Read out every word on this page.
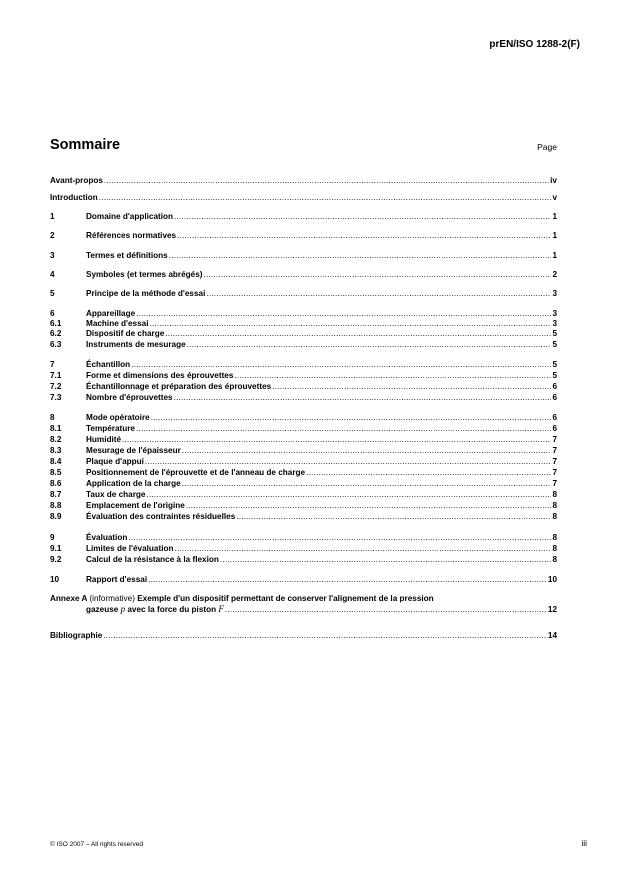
prEN/ISO 1288-2(F)
Sommaire	Page
Avant-propos .....	iv
Introduction .....	v
1	Domaine d'application .....	1
2	Références normatives .....	1
3	Termes et définitions .....	1
4	Symboles (et termes abrégés) .....	2
5	Principe de la méthode d'essai .....	3
6	Appareillage .....	3
6.1	Machine d'essai .....	3
6.2	Dispositif de charge .....	5
6.3	Instruments de mesurage .....	5
7	Échantillon .....	5
7.1	Forme et dimensions des éprouvettes .....	5
7.2	Échantillonnage et préparation des éprouvettes .....	6
7.3	Nombre d'éprouvettes .....	6
8	Mode opératoire .....	6
8.1	Température .....	6
8.2	Humidité .....	7
8.3	Mesurage de l'épaisseur .....	7
8.4	Plaque d'appui .....	7
8.5	Positionnement de l'éprouvette et de l'anneau de charge .....	7
8.6	Application de la charge .....	7
8.7	Taux de charge .....	8
8.8	Emplacement de l'origine .....	8
8.9	Évaluation des contraintes résiduelles .....	8
9	Évaluation .....	8
9.1	Limites de l'évaluation .....	8
9.2	Calcul de la résistance à la flexion .....	8
10	Rapport d'essai .....	10
Annexe A (informative) Exemple d'un dispositif permettant de conserver l'alignement de la pression
gazeuse p avec la force du piston F .....	12
Bibliographie .....	14
© ISO 2007 – All rights reserved	iii
